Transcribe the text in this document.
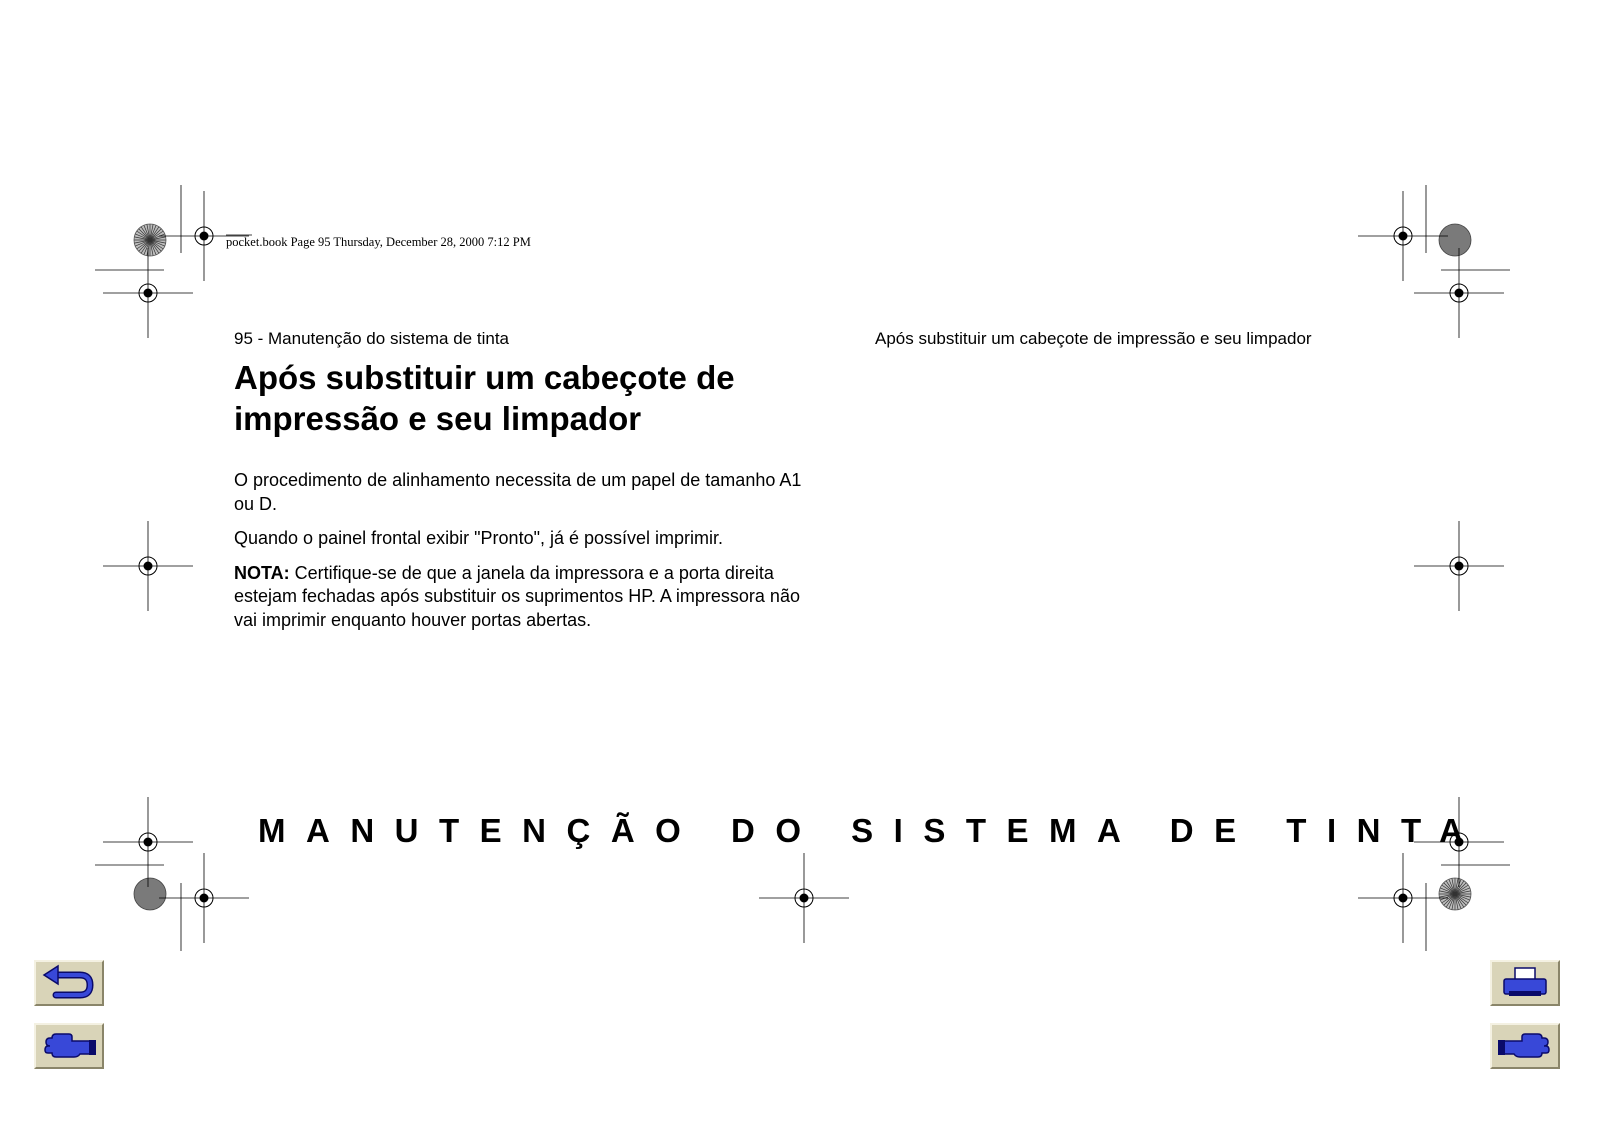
pocket.book Page 95 Thursday, December 28, 2000 7:12 PM
95 - Manutenção do sistema de tinta	Após substituir um cabeçote de impressão e seu limpador
Após substituir um cabeçote de
impressão e seu limpador

O procedimento de alinhamento necessita de um papel de tamanho A1 ou D.

Quando o painel frontal exibir "Pronto", já é possível imprimir.

NOTA: Certifique-se de que a janela da impressora e a porta direita estejam fechadas após substituir os suprimentos HP. A impressora não vai imprimir enquanto houver portas abertas.

MANUTENÇÃO DO SISTEMA DE TINTA
